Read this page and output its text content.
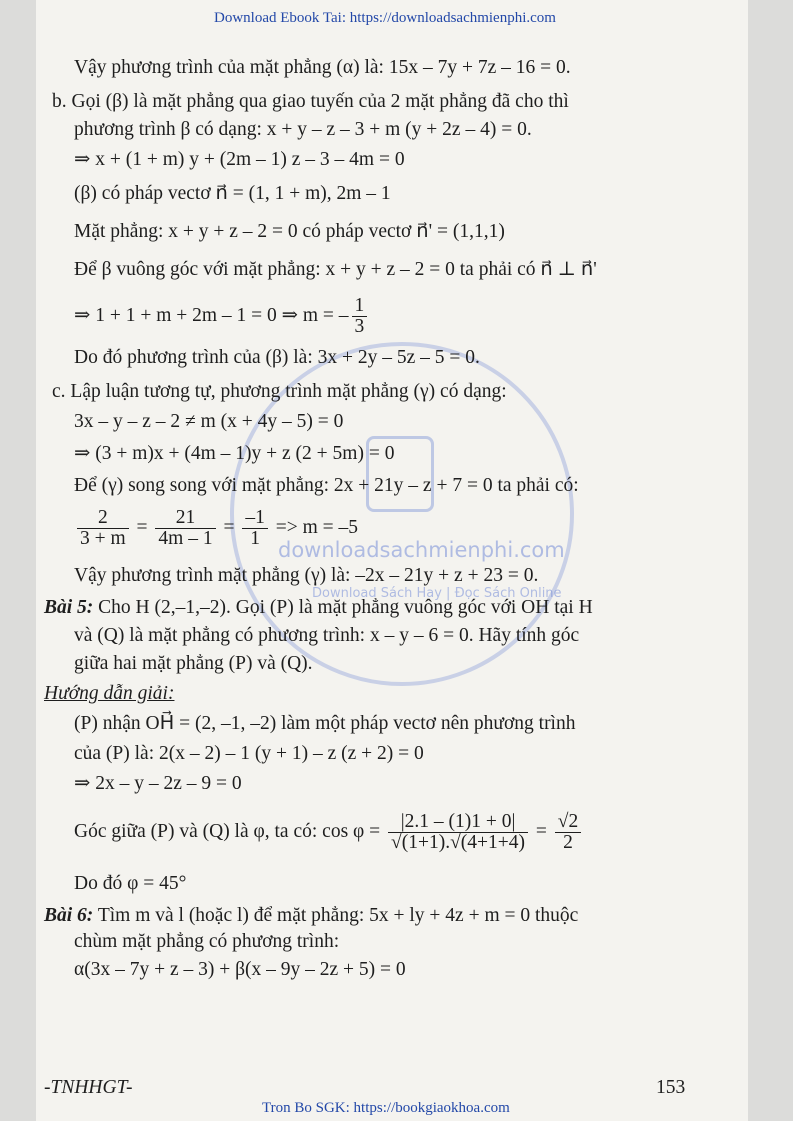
downloadsachmienphi.com
Download Sách Hay | Đọc Sách Online
Download Ebook Tai: https://downloadsachmienphi.com
Vậy phương trình của mặt phẳng (α) là: 15x – 7y + 7z – 16 = 0.
b. Gọi (β) là mặt phẳng qua giao tuyến của 2 mặt phẳng đã cho thì
phương trình β có dạng: x + y – z – 3 + m (y + 2z – 4) = 0.
⇒ x + (1 + m) y + (2m – 1) z – 3 – 4m = 0
(β) có pháp vectơ n⃗ = (1, 1 + m), 2m – 1
Mặt phẳng: x + y + z – 2 = 0 có pháp vectơ n⃗' = (1,1,1)
Để β vuông góc với mặt phẳng: x + y + z – 2 = 0 ta phải có n⃗ ⊥ n⃗'
⇒ 1 + 1 + m + 2m – 1 = 0 ⇒ m = – $\frac{1}{3}$
Do đó phương trình của (β) là: 3x + 2y – 5z – 5 = 0.
c. Lập luận tương tự, phương trình mặt phẳng (γ) có dạng:
3x – y – z – 2 ≠ m (x + 4y – 5) = 0
⇒ (3 + m)x + (4m – 1)y + z (2 + 5m) = 0
Để (γ) song song với mặt phẳng: 2x + 21y – z + 7 = 0 ta phải có:
$\frac{2}{3 + m} = \frac{21}{4m - 1} = \frac{-1}{1} => m = -5$
Vậy phương trình mặt phẳng (γ) là: –2x – 21y + z + 23 = 0.
Bài 5: Cho H (2,–1,–2). Gọi (P) là mặt phẳng vuông góc với OH tại H
và (Q) là mặt phẳng có phương trình: x – y – 6 = 0. Hãy tính góc
giữa hai mặt phẳng (P) và (Q).
Hướng dẫn giải:
(P) nhận OH⃗ = (2, –1, –2) làm một pháp vectơ nên phương trình
của (P) là: 2(x – 2) – 1 (y + 1) – z (z + 2) = 0
⇒ 2x – y – 2z – 9 = 0
Góc giữa (P) và (Q) là φ, ta có: $\cos \varphi = \frac{|2.1 - (1)1 + 0|}{√(1+1).√(4+1+4)} = \frac{√2}{2}$
Do đó φ = 45°
Bài 6: Tìm m và l (hoặc l) để mặt phẳng: 5x + ly + 4z + m = 0 thuộc
chùm mặt phẳng có phương trình:
α(3x – 7y + z – 3) + β(x – 9y – 2z + 5) = 0
-TNHHGT-	153
Tron Bo SGK: https://bookgiaokhoa.com
